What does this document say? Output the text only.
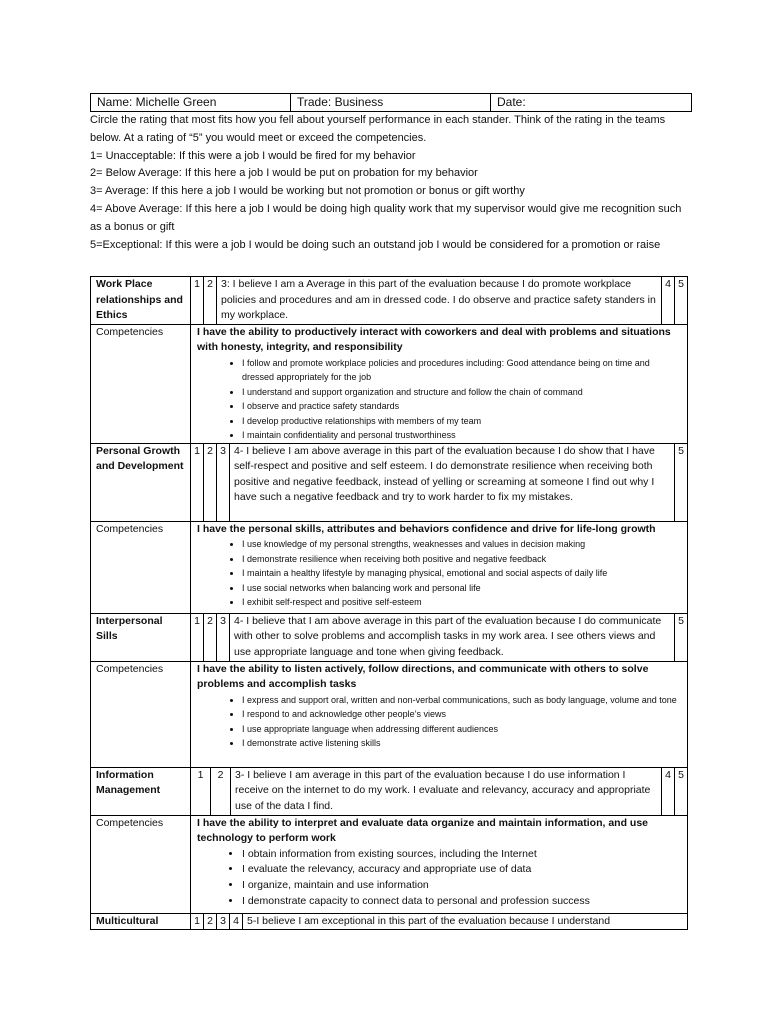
Name: Michelle Green	Trade: Business	Date:

Circle the rating that most fits how you fell about yourself performance in each stander. Think of the rating in the teams below. At a rating of “5” you would meet or exceed the competencies.

1= Unacceptable: If this were a job I would be fired for my behavior

2= Below Average: If this here a job I would be put on probation for my behavior

3= Average: If this here a job I would be working but not promotion or bonus or gift worthy

4= Above Average: If this here a job I would be doing high quality work that my supervisor would give me recognition such as a bonus or gift

5=Exceptional: If this were a job I would be doing such an outstand job I would be considered for a promotion or raise

Work Place relationships and Ethics	1	2	3: I believe I am a Average in this part of the evaluation because I do promote workplace policies and procedures and am in dressed code. I do observe and practice safety standers in my workplace.	4	5
Competencies	I have the ability to productively interact with coworkers and deal with problems and situations with honesty, integrity, and responsibility
• I follow and promote workplace policies and procedures including: Good attendance being on time and dressed appropriately for the job
• I understand and support organization and structure and follow the chain of command
• I observe and practice safety standards
• I develop productive relationships with members of my team
• I maintain confidentiality and personal trustworthiness
Personal Growth and Development	1	2	3	4- I believe I am above average in this part of the evaluation because I do show that I have self-respect and positive and self esteem. I do demonstrate resilience when receiving both positive and negative feedback, instead of yelling or screaming at someone I find out why I have such a negative feedback and try to work harder to fix my mistakes.	5
Competencies	I have the personal skills, attributes and behaviors confidence and drive for life-long growth
• I use knowledge of my personal strengths, weaknesses and values in decision making
• I demonstrate resilience when receiving both positive and negative feedback
• I maintain a healthy lifestyle by managing physical, emotional and social aspects of daily life
• I use social networks when balancing work and personal life
• I exhibit self-respect and positive self-esteem
Interpersonal Sills	1	2	3	4- I believe that I am above average in this part of the evaluation because I do communicate with other to solve problems and accomplish tasks in my work area. I see others views and use appropriate language and tone when giving feedback.	5
Competencies	I have the ability to listen actively, follow directions, and communicate with others to solve problems and accomplish tasks
• I express and support oral, written and non-verbal communications, such as body language, volume and tone
• I respond to and acknowledge other people’s views
• I use appropriate language when addressing different audiences
• I demonstrate active listening skills
Information Management	1	2	3- I believe I am average in this part of the evaluation because I do use information I receive on the internet to do my work. I evaluate and relevancy, accuracy and appropriate use of the data I find.	4	5
Competencies	I have the ability to interpret and evaluate data organize and maintain information, and use technology to perform work
• I obtain information from existing sources, including the Internet
• I evaluate the relevancy, accuracy and appropriate use of data
• I organize, maintain and use information
• I demonstrate capacity to connect data to personal and profession success
Multicultural	1	2	3	4	5-I believe I am exceptional in this part of the evaluation because I understand
